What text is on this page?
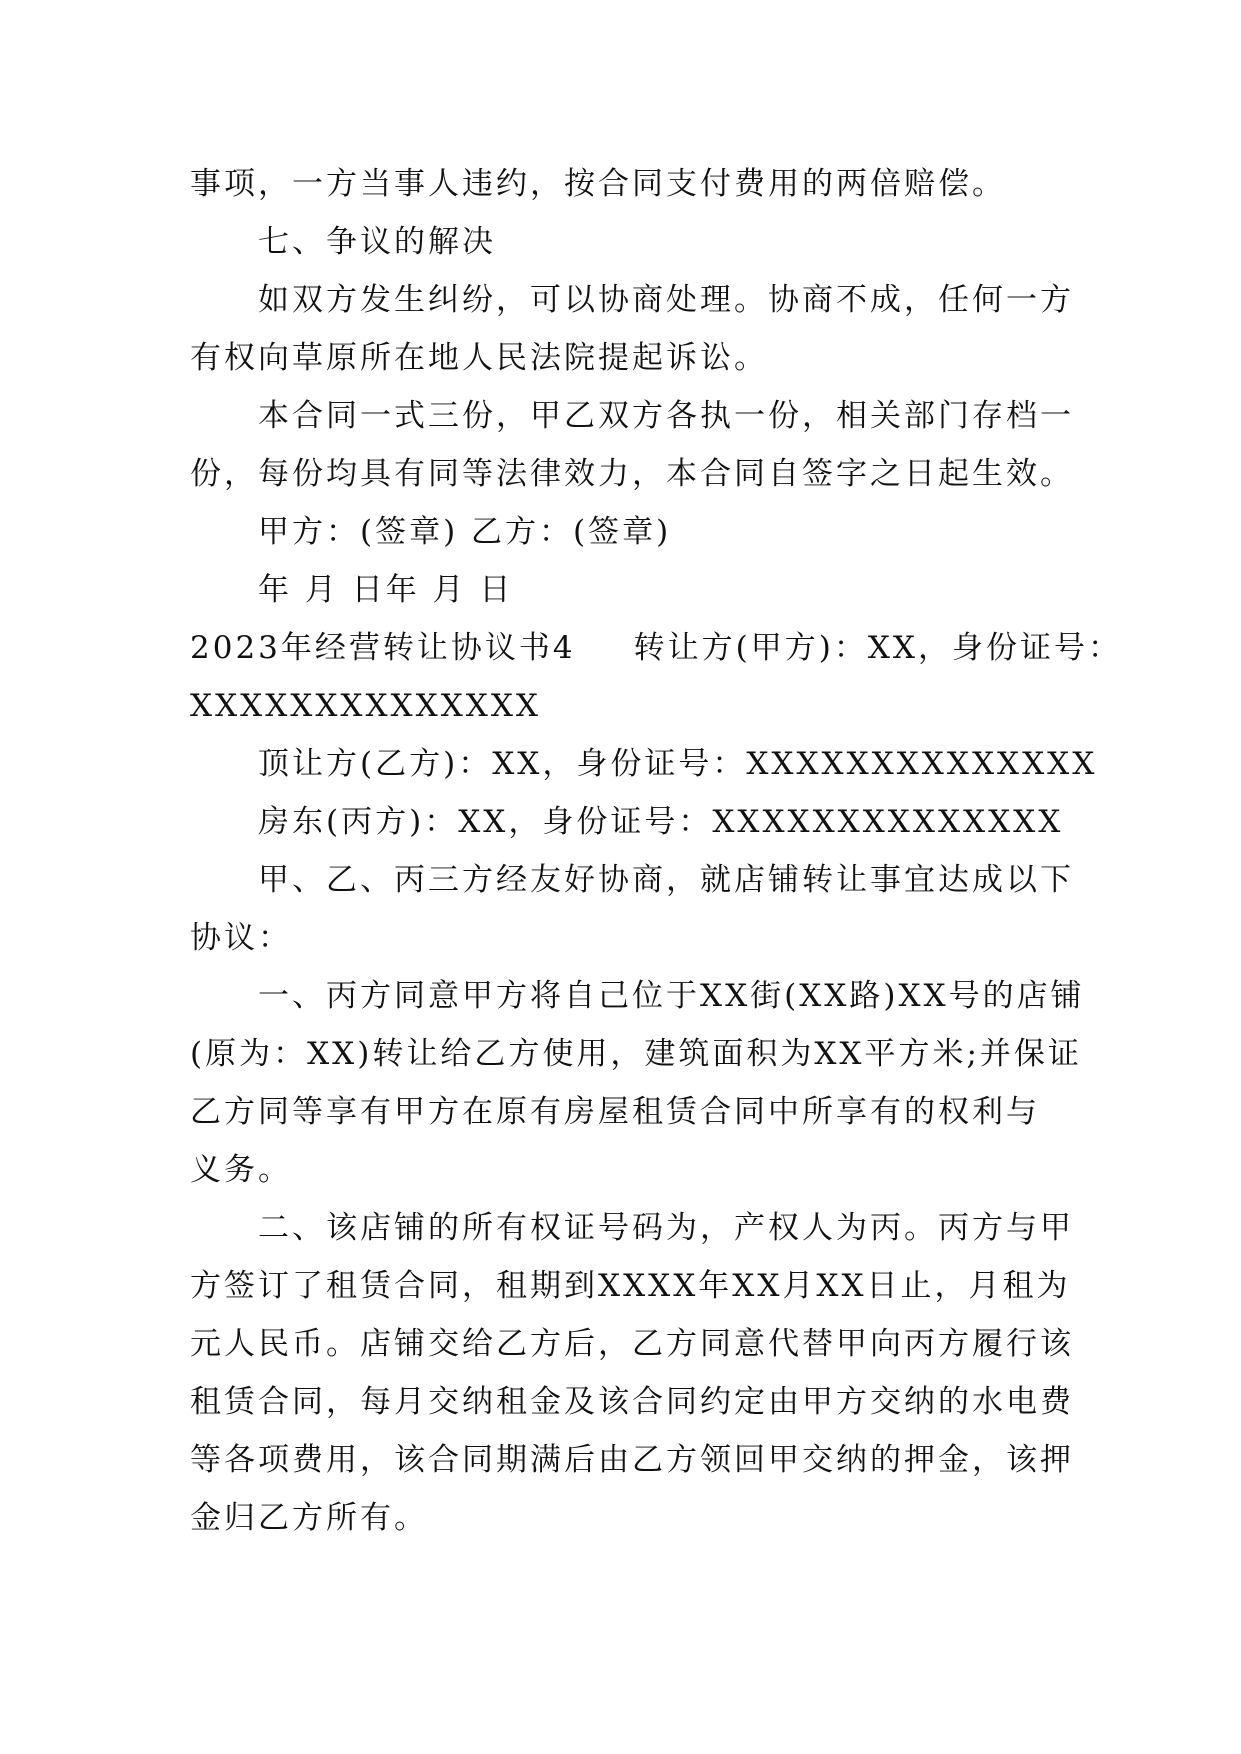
事项，一方当事人违约，按合同支付费用的两倍赔偿。
七、争议的解决
如双方发生纠纷，可以协商处理。协商不成，任何一方
有权向草原所在地人民法院提起诉讼。
本合同一式三份，甲乙双方各执一份，相关部门存档一
份，每份均具有同等法律效力，本合同自签字之日起生效。
甲方：(签章) 乙方：(签章)
年 月 日年 月 日
2023年经营转让协议书4 转让方(甲方)：XX，身份证号：
XXXXXXXXXXXXXX
顶让方(乙方)：XX，身份证号：XXXXXXXXXXXXXX
房东(丙方)：XX，身份证号：XXXXXXXXXXXXXX
甲、乙、丙三方经友好协商，就店铺转让事宜达成以下
协议：
一、丙方同意甲方将自己位于XX街(XX路)XX号的店铺
(原为：XX)转让给乙方使用，建筑面积为XX平方米;并保证
乙方同等享有甲方在原有房屋租赁合同中所享有的权利与
义务。
二、该店铺的所有权证号码为，产权人为丙。丙方与甲
方签订了租赁合同，租期到XXXX年XX月XX日止，月租为
元人民币。店铺交给乙方后，乙方同意代替甲向丙方履行该
租赁合同，每月交纳租金及该合同约定由甲方交纳的水电费
等各项费用，该合同期满后由乙方领回甲交纳的押金，该押
金归乙方所有。
